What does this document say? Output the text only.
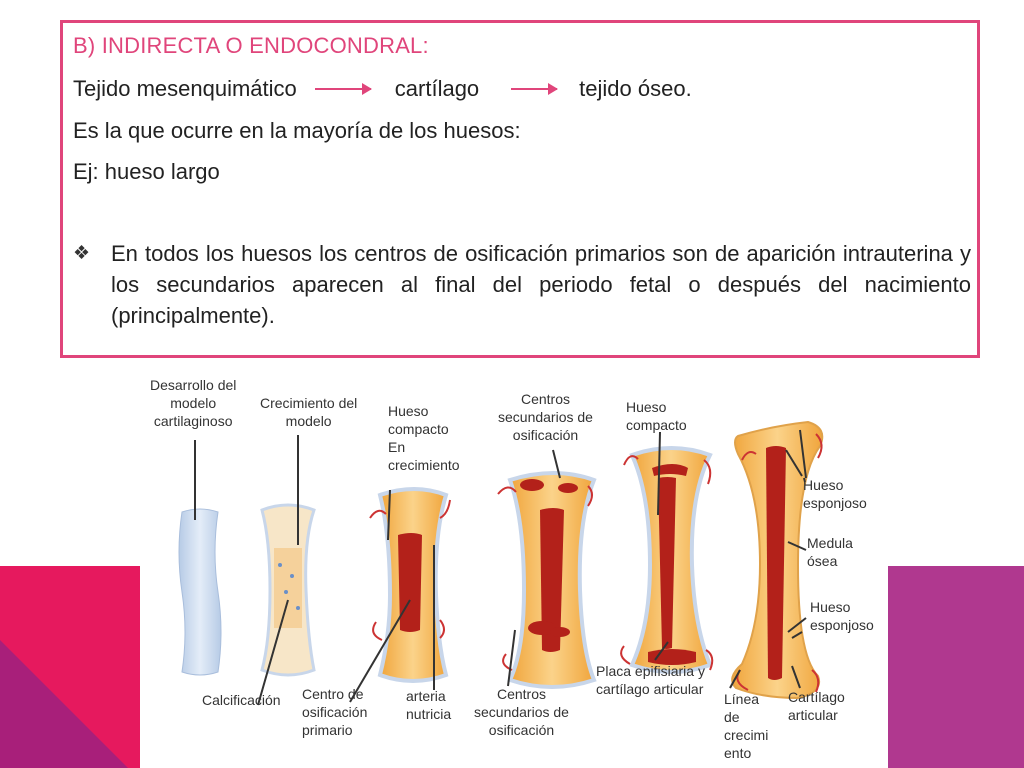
B) INDIRECTA O ENDOCONDRAL:
Tejido mesenquimático	cartílago	tejido óseo.

Es la que ocurre en la mayoría de los huesos:

Ej: hueso largo

❖ En todos los huesos los centros de osificación primarios son de aparición intrauterina y los secundarios aparecen al final del periodo fetal o después del nacimiento (principalmente).
Desarrollo del
modelo
cartilaginoso
Crecimiento del
modelo
Hueso
compacto
En
crecimiento
Centros
secundarios de
osificación
Hueso
compacto
Hueso
esponjoso
Medula
ósea
Hueso
esponjoso
Calcificación Centro de
osificación
primario
arteria
nutricia
Centros
secundarios de
osificación
Placa epifisiaria y
cartílago articular
Línea
de
crecimi
ento
Cartílago
articular
